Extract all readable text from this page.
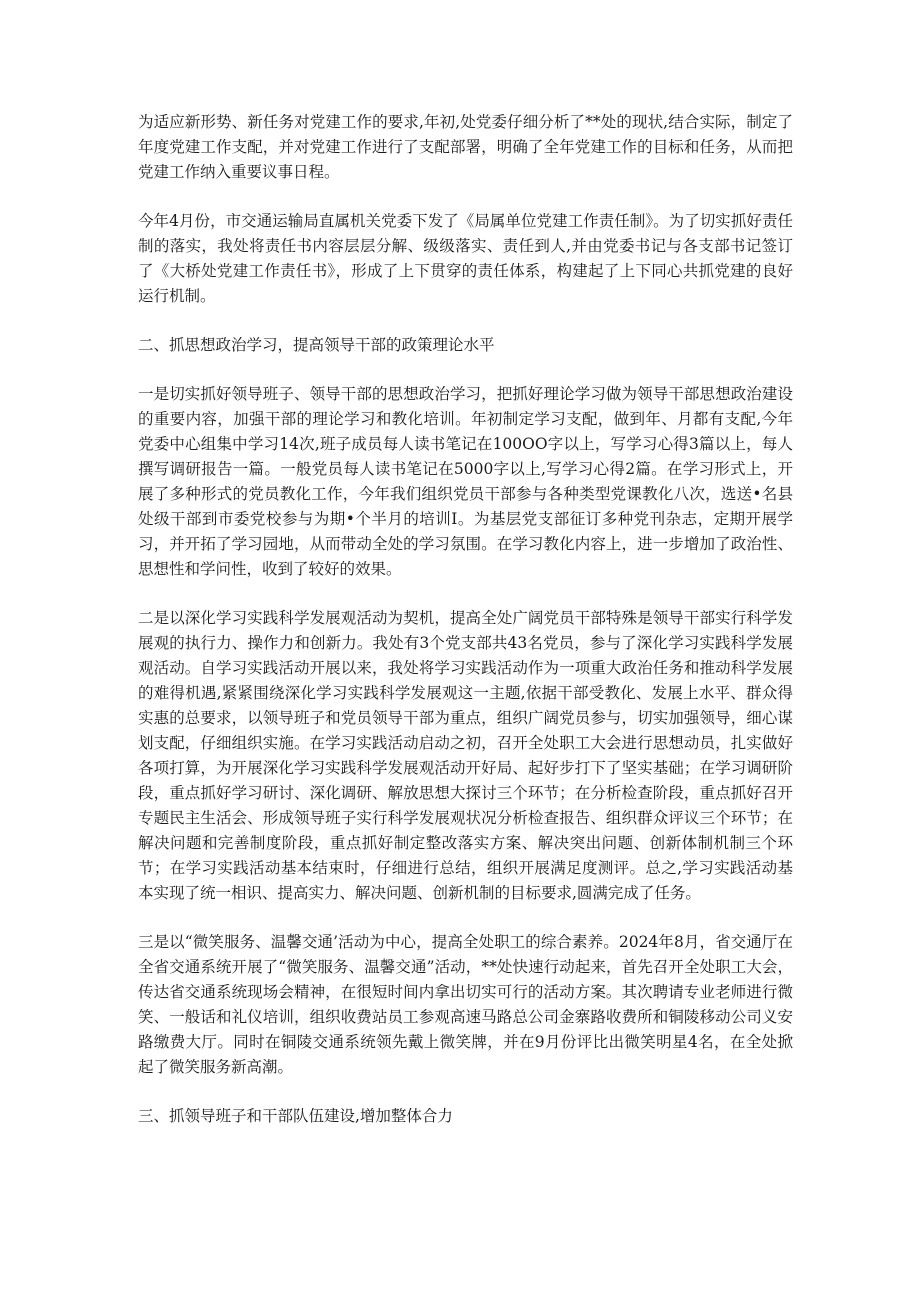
为适应新形势、新任务对党建工作的要求,年初,处党委仔细分析了**处的现状,结合实际，制定了年度党建工作支配，并对党建工作进行了支配部署，明确了全年党建工作的目标和任务，从而把党建工作纳入重要议事日程。

今年4月份，市交通运输局直属机关党委下发了《局属单位党建工作责任制》。为了切实抓好责任制的落实，我处将责任书内容层层分解、级级落实、责任到人,并由党委书记与各支部书记签订了《大桥处党建工作责任书》，形成了上下贯穿的责任体系，构建起了上下同心共抓党建的良好运行机制。

二、抓思想政治学习，提高领导干部的政策理论水平

一是切实抓好领导班子、领导干部的思想政治学习，把抓好理论学习做为领导干部思想政治建设的重要内容，加强干部的理论学习和教化培训。年初制定学习支配，做到年、月都有支配,今年党委中心组集中学习14次,班子成员每人读书笔记在100OO字以上，写学习心得3篇以上，每人撰写调研报告一篇。一般党员每人读书笔记在5000字以上,写学习心得2篇。在学习形式上，开展了多种形式的党员教化工作，今年我们组织党员干部参与各种类型党课教化八次，选送•名县处级干部到市委党校参与为期•个半月的培训I。为基层党支部征订多种党刊杂志，定期开展学习，并开拓了学习园地，从而带动全处的学习氛围。在学习教化内容上，进一步增加了政治性、思想性和学问性，收到了较好的效果。

二是以深化学习实践科学发展观活动为契机，提高全处广阔党员干部特殊是领导干部实行科学发展观的执行力、操作力和创新力。我处有3个党支部共43名党员，参与了深化学习实践科学发展观活动。自学习实践活动开展以来，我处将学习实践活动作为一项重大政治任务和推动科学发展的难得机遇,紧紧围绕深化学习实践科学发展观这一主题,依据干部受教化、发展上水平、群众得实惠的总要求，以领导班子和党员领导干部为重点，组织广阔党员参与，切实加强领导，细心谋划支配，仔细组织实施。在学习实践活动启动之初，召开全处职工大会进行思想动员，扎实做好各项打算，为开展深化学习实践科学发展观活动开好局、起好步打下了坚实基础；在学习调研阶段，重点抓好学习研讨、深化调研、解放思想大探讨三个环节；在分析检查阶段，重点抓好召开专题民主生活会、形成领导班子实行科学发展观状况分析检查报告、组织群众评议三个环节；在解决问题和完善制度阶段，重点抓好制定整改落实方案、解决突出问题、创新体制机制三个环节；在学习实践活动基本结束时，仔细进行总结，组织开展满足度测评。总之,学习实践活动基本实现了统一相识、提高实力、解决问题、创新机制的目标要求,圆满完成了任务。

三是以“微笑服务、温馨交通’活动为中心，提高全处职工的综合素养。2024年8月，省交通厅在全省交通系统开展了“微笑服务、温馨交通”活动，**处快速行动起来，首先召开全处职工大会，传达省交通系统现场会精神，在很短时间内拿出切实可行的活动方案。其次聘请专业老师进行微笑、一般话和礼仪培训，组织收费站员工参观高速马路总公司金寨路收费所和铜陵移动公司义安路缴费大厅。同时在铜陵交通系统领先戴上微笑牌，并在9月份评比出微笑明星4名，在全处掀起了微笑服务新高潮。

三、抓领导班子和干部队伍建设,增加整体合力
